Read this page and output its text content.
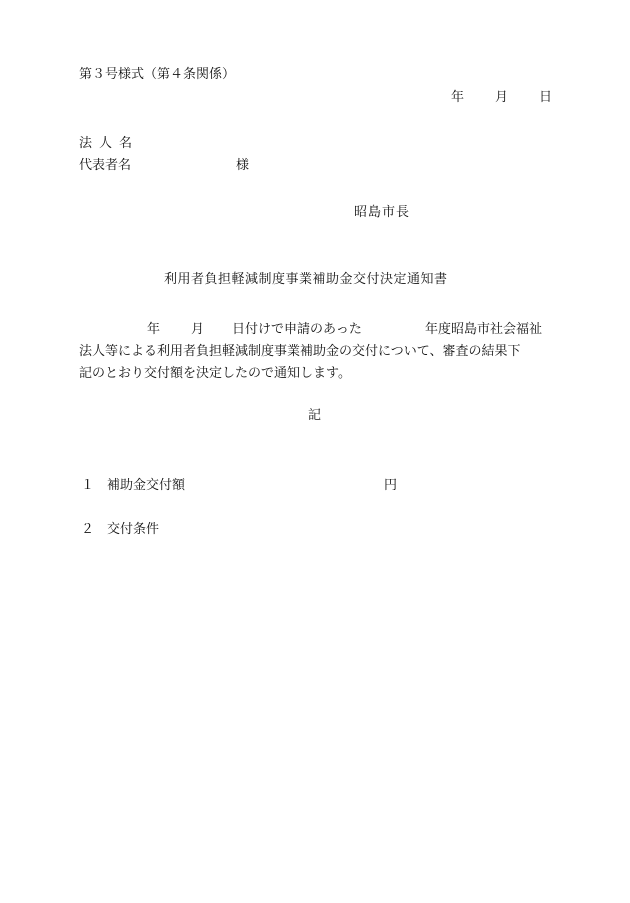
第３号様式（第４条関係）
年	月	日
法人名
代表者名	様
昭島市長
利用者負担軽減制度事業補助金交付決定通知書
年 月 日付けで申請のあった	年度昭島市社会福祉
法人等による利用者負担軽減制度事業補助金の交付について、審査の結果下
記のとおり交付額を決定したので通知します。
記
１ 補助金交付額	円
２ 交付条件
